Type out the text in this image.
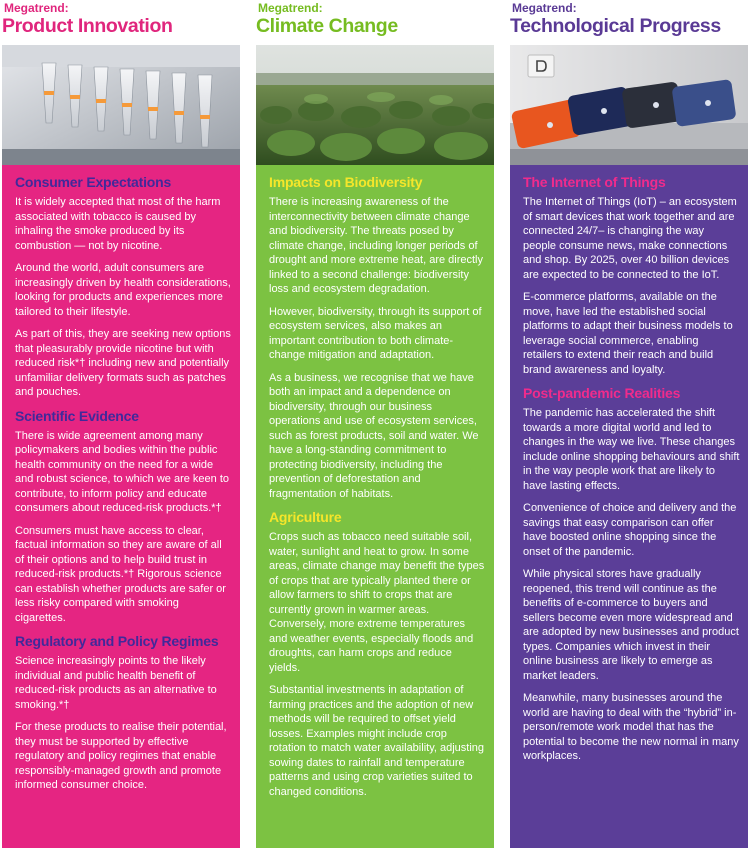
Megatrend:
Product Innovation
Consumer Expectations

It is widely accepted that most of the harm associated with tobacco is caused by inhaling the smoke produced by its combustion — not by nicotine.

Around the world, adult consumers are increasingly driven by health considerations, looking for products and experiences more tailored to their lifestyle.

As part of this, they are seeking new options that pleasurably provide nicotine but with reduced risk*† including new and potentially unfamiliar delivery formats such as patches and pouches.

Scientific Evidence

There is wide agreement among many policymakers and bodies within the public health community on the need for a wide and robust science, to which we are keen to contribute, to inform policy and educate consumers about reduced-risk products.*†

Consumers must have access to clear, factual information so they are aware of all of their options and to help build trust in reduced-risk products.*† Rigorous science can establish whether products are safer or less risky compared with smoking cigarettes.

Regulatory and Policy Regimes

Science increasingly points to the likely individual and public health benefit of reduced-risk products as an alternative to smoking.*†

For these products to realise their potential, they must be supported by effective regulatory and policy regimes that enable responsibly-managed growth and promote informed consumer choice.

Megatrend:
Climate Change
Impacts on Biodiversity

There is increasing awareness of the interconnectivity between climate change and biodiversity. The threats posed by climate change, including longer periods of drought and more extreme heat, are directly linked to a second challenge: biodiversity loss and ecosystem degradation.

However, biodiversity, through its support of ecosystem services, also makes an important contribution to both climate-change mitigation and adaptation.

As a business, we recognise that we have both an impact and a dependence on biodiversity, through our business operations and use of ecosystem services, such as forest products, soil and water. We have a long-standing commitment to protecting biodiversity, including the prevention of deforestation and fragmentation of habitats.

Agriculture

Crops such as tobacco need suitable soil, water, sunlight and heat to grow. In some areas, climate change may benefit the types of crops that are typically planted there or allow farmers to shift to crops that are currently grown in warmer areas. Conversely, more extreme temperatures and weather events, especially floods and droughts, can harm crops and reduce yields.

Substantial investments in adaptation of farming practices and the adoption of new methods will be required to offset yield losses. Examples might include crop rotation to match water availability, adjusting sowing dates to rainfall and temperature patterns and using crop varieties suited to changed conditions.

Megatrend:
Technological Progress
The Internet of Things

The Internet of Things (IoT) – an ecosystem of smart devices that work together and are connected 24/7– is changing the way people consume news, make connections and shop. By 2025, over 40 billion devices are expected to be connected to the IoT.

E-commerce platforms, available on the move, have led the established social platforms to adapt their business models to leverage social commerce, enabling retailers to extend their reach and build brand awareness and loyalty.

Post-pandemic Realities

The pandemic has accelerated the shift towards a more digital world and led to changes in the way we live. These changes include online shopping behaviours and shift in the way people work that are likely to have lasting effects.

Convenience of choice and delivery and the savings that easy comparison can offer have boosted online shopping since the onset of the pandemic.

While physical stores have gradually reopened, this trend will continue as the benefits of e-commerce to buyers and sellers become even more widespread and are adopted by new businesses and product types. Companies which invest in their online business are likely to emerge as market leaders.

Meanwhile, many businesses around the world are having to deal with the “hybrid” in-person/remote work model that has the potential to become the new normal in many workplaces.
